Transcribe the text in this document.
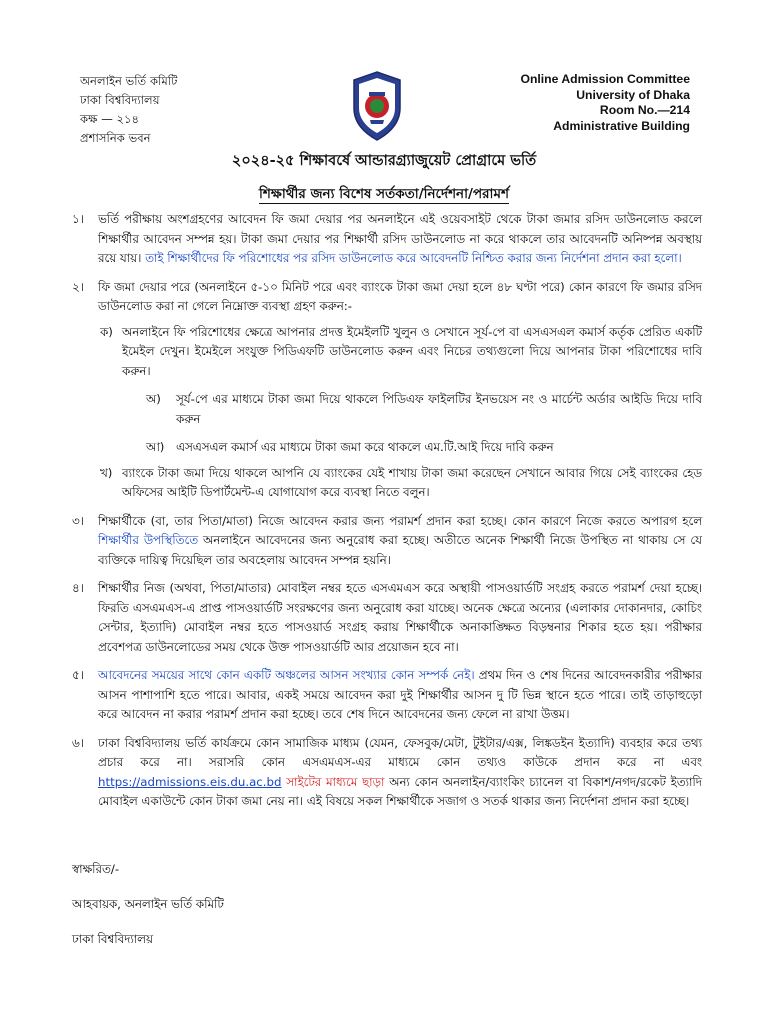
অনলাইন ভর্তি কমিটি
ঢাকা বিশ্ববিদ্যালয়
কক্ষ — ২১৪
প্রশাসনিক ভবন
Online Admission Committee
University of Dhaka
Room No.—214
Administrative Building
২০২৪-২৫ শিক্ষাবর্ষে আন্ডারগ্র্যাজুয়েট প্রোগ্রামে ভর্তি
শিক্ষার্থীর জন্য বিশেষ সর্তকতা/নির্দেশনা/পরামর্শ
১।	ভর্তি পরীক্ষায় অংশগ্রহণের আবেদন ফি জমা দেয়ার পর অনলাইনে এই ওয়েবসাইট থেকে টাকা জমার রসিদ ডাউনলোড করলে শিক্ষার্থীর আবেদন সম্পন্ন হয়। টাকা জমা দেয়ার পর শিক্ষার্থী রসিদ ডাউনলোড না করে থাকলে তার আবেদনটি অনিষ্পন্ন অবস্থায় রয়ে যায়। তাই শিক্ষার্থীদের ফি পরিশোধের পর রসিদ ডাউনলোড করে আবেদনটি নিশ্চিত করার জন্য নির্দেশনা প্রদান করা হলো।
২।	ফি জমা দেয়ার পরে (অনলাইনে ৫-১০ মিনিট পরে এবং ব্যাংকে টাকা জমা দেয়া হলে ৪৮ ঘণ্টা পরে) কোন কারণে ফি জমার রসিদ ডাউনলোড করা না গেলে নিম্নোক্ত ব্যবস্থা গ্রহণ করুন:-
ক) অনলাইনে ফি পরিশোধের ক্ষেত্রে আপনার প্রদত্ত ইমেইলটি খুলুন ও সেখানে সূর্য-পে বা এসএসএল কমার্স কর্তৃক প্রেরিত একটি ইমেইল দেখুন। ইমেইলে সংযুক্ত পিডিএফটি ডাউনলোড করুন এবং নিচের তথ্যগুলো দিয়ে আপনার টাকা পরিশোধের দাবি করুন।
অ)	সূর্য-পে এর মাধ্যমে টাকা জমা দিয়ে থাকলে পিডিএফ ফাইলটির ইনভয়েস নং ও মার্চেন্ট অর্ডার আইডি দিয়ে দাবি করুন
আ) এসএসএল কমার্স এর মাধ্যমে টাকা জমা করে থাকলে এম.টি.আই দিয়ে দাবি করুন
খ) ব্যাংকে টাকা জমা দিয়ে থাকলে আপনি যে ব্যাংকের যেই শাখায় টাকা জমা করেছেন সেখানে আবার গিয়ে সেই ব্যাংকের হেড অফিসের আইটি ডিপার্টমেন্ট-এ যোগাযোগ করে ব্যবস্থা নিতে বলুন।
৩।	শিক্ষার্থীকে (বা, তার পিতা/মাতা) নিজে আবেদন করার জন্য পরামর্শ প্রদান করা হচ্ছে। কোন কারণে নিজে করতে অপারগ হলে শিক্ষার্থীর উপস্থিতিতে অনলাইনে আবেদনের জন্য অনুরোধ করা হচ্ছে। অতীতে অনেক শিক্ষার্থী নিজে উপস্থিত না থাকায় সে যে ব্যক্তিকে দায়িত্ব দিয়েছিল তার অবহেলায় আবেদন সম্পন্ন হয়নি।
৪।	শিক্ষার্থীর নিজ (অথবা, পিতা/মাতার) মোবাইল নম্বর হতে এসএমএস করে অস্থায়ী পাসওয়ার্ডটি সংগ্রহ করতে পরামর্শ দেয়া হচ্ছে। ফিরতি এসএমএস-এ প্রাপ্ত পাসওয়ার্ডটি সংরক্ষণের জন্য অনুরোধ করা যাচ্ছে। অনেক ক্ষেত্রে অন্যের (এলাকার দোকানদার, কোচিং সেন্টার, ইত্যাদি) মোবাইল নম্বর হতে পাসওয়ার্ড সংগ্রহ করায় শিক্ষার্থীকে অনাকাঙ্ক্ষিত বিড়ম্বনার শিকার হতে হয়। পরীক্ষার প্রবেশপত্র ডাউনলোডের সময় থেকে উক্ত পাসওয়ার্ডটি আর প্রয়োজন হবে না।
৫।	আবেদনের সময়ের সাথে কোন একটি অঞ্চলের আসন সংখ্যার কোন সম্পর্ক নেই। প্রথম দিন ও শেষ দিনের আবেদনকারীর পরীক্ষার আসন পাশাপাশি হতে পারে। আবার, একই সময়ে আবেদন করা দুই শিক্ষার্থীর আসন দু টি ভিন্ন স্থানে হতে পারে। তাই তাড়াহুড়ো করে আবেদন না করার পরামর্শ প্রদান করা হচ্ছে। তবে শেষ দিনে আবেদনের জন্য ফেলে না রাখা উত্তম।
৬।	ঢাকা বিশ্ববিদ্যালয় ভর্তি কার্যক্রমে কোন সামাজিক মাধ্যম (যেমন, ফেসবুক/মেটা, টুইটার/এক্স, লিঙ্কডইন ইত্যাদি) ব্যবহার করে তথ্য প্রচার করে না। সরাসরি কোন এসএমএস-এর মাধ্যমে কোন তথ্যও কাউকে প্রদান করে না এবং https://admissions.eis.du.ac.bd সাইটের মাধ্যমে ছাড়া অন্য কোন অনলাইন/ব্যাংকিং চ্যানেল বা বিকাশ/নগদ/রকেট ইত্যাদি মোবাইল একাউন্টে কোন টাকা জমা নেয় না। এই বিষয়ে সকল শিক্ষার্থীকে সজাগ ও সতর্ক থাকার জন্য নির্দেশনা প্রদান করা হচ্ছে।
স্বাক্ষরিত/-
আহবায়ক, অনলাইন ভর্তি কমিটি
ঢাকা বিশ্ববিদ্যালয়
